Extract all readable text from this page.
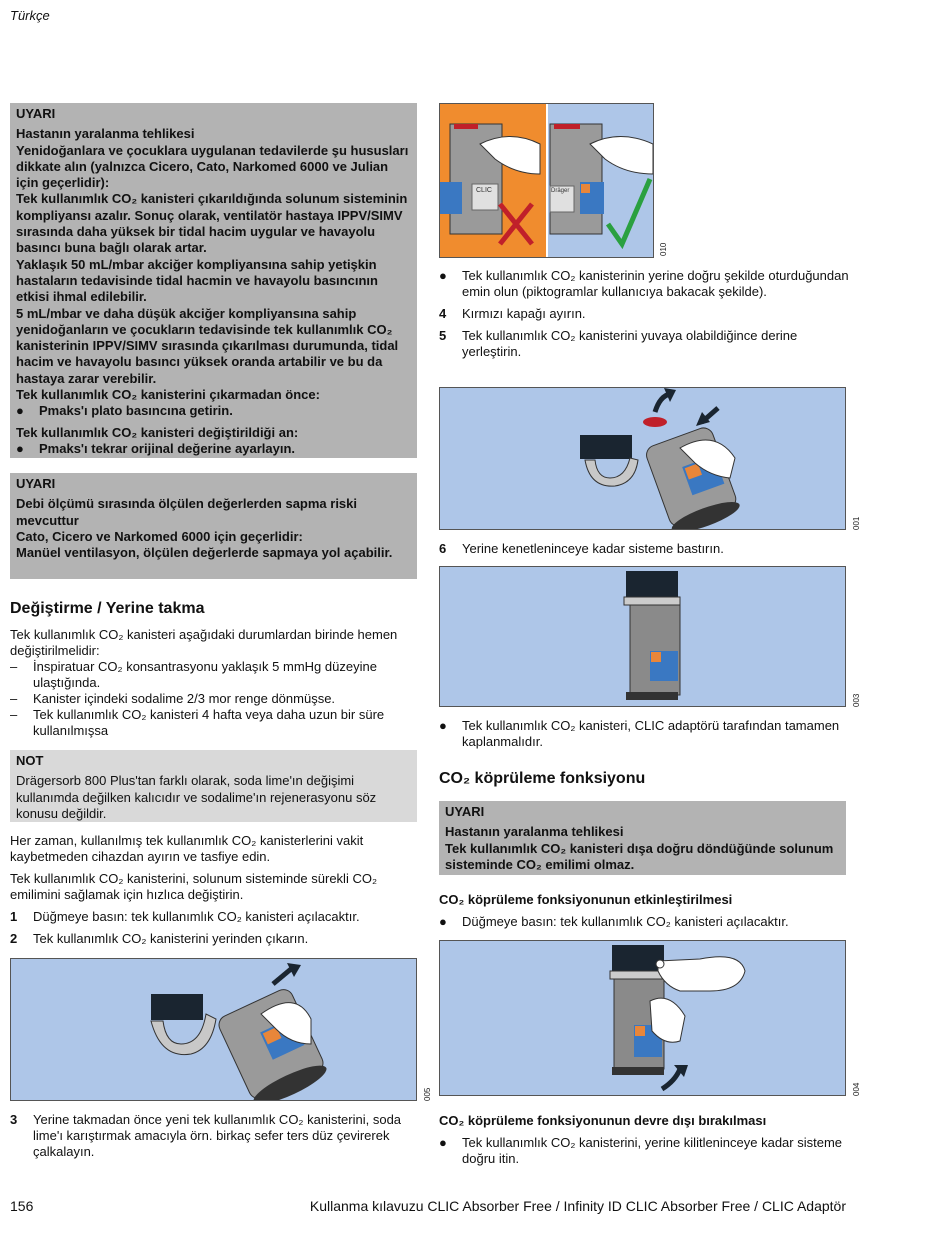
Türkçe
UYARI

Hastanın yaralanma tehlikesi

Yenidoğanlara ve çocuklara uygulanan tedavilerde şu hususları dikkate alın (yalnızca Cicero, Cato, Narkomed 6000 ve Julian için geçerlidir):

Tek kullanımlık CO₂ kanisteri çıkarıldığında solunum sisteminin kompliyansı azalır. Sonuç olarak, ventilatör hastaya IPPV/SIMV sırasında daha yüksek bir tidal hacim uygular ve havayolu basıncı buna bağlı olarak artar.

Yaklaşık 50 mL/mbar akciğer kompliyansına sahip yetişkin hastaların tedavisinde tidal hacmin ve havayolu basıncının etkisi ihmal edilebilir.

5 mL/mbar ve daha düşük akciğer kompliyansına sahip yenidoğanların ve çocukların tedavisinde tek kullanımlık CO₂ kanisterinin IPPV/SIMV sırasında çıkarılması durumunda, tidal hacim ve havayolu basıncı yüksek oranda artabilir ve bu da hastaya zarar verebilir.

Tek kullanımlık CO₂ kanisterini çıkarmadan önce:

● Pmaks'ı plato basıncına getirin.

Tek kullanımlık CO₂ kanisteri değiştirildiği an:

● Pmaks'ı tekrar orijinal değerine ayarlayın.
UYARI

Debi ölçümü sırasında ölçülen değerlerden sapma riski mevcuttur

Cato, Cicero ve Narkomed 6000 için geçerlidir:

Manüel ventilasyon, ölçülen değerlerde sapmaya yol açabilir.

Değiştirme / Yerine takma

Tek kullanımlık CO₂ kanisteri aşağıdaki durumlardan birinde hemen değiştirilmelidir:

– İnspiratuar CO₂ konsantrasyonu yaklaşık 5 mmHg düzeyine ulaştığında.
– Kanister içindeki sodalime 2/3 mor renge dönmüşse.
– Tek kullanımlık CO₂ kanisteri 4 hafta veya daha uzun bir süre kullanılmışsa
NOT

Drägersorb 800 Plus'tan farklı olarak, soda lime'ın değişimi kullanımda değilken kalıcıdır ve sodalime'ın rejenerasyonu söz konusu değildir.

Her zaman, kullanılmış tek kullanımlık CO₂ kanisterlerini vakit kaybetmeden cihazdan ayırın ve tasfiye edin.

Tek kullanımlık CO₂ kanisterini, solunum sisteminde sürekli CO₂ emilimini sağlamak için hızlıca değiştirin.

1 Düğmeye basın: tek kullanımlık CO₂ kanisteri açılacaktır.
2 Tek kullanımlık CO₂ kanisterini yerinden çıkarın.
005
3 Yerine takmadan önce yeni tek kullanımlık CO₂ kanisterini, soda lime'ı karıştırmak amacıyla örn. birkaç sefer ters düz çevirerek çalkalayın.
CLIC	Dräger
010
● Tek kullanımlık CO₂ kanisterinin yerine doğru şekilde oturduğundan emin olun (piktogramlar kullanıcıya bakacak şekilde).
4 Kırmızı kapağı ayırın.
5 Tek kullanımlık CO₂ kanisterini yuvaya olabildiğince derine yerleştirin.
001
6 Yerine kenetleninceye kadar sisteme bastırın.
003
● Tek kullanımlık CO₂ kanisteri, CLIC adaptörü tarafından tamamen kaplanmalıdır.
CO₂ köprüleme fonksiyonu
UYARI

Hastanın yaralanma tehlikesi

Tek kullanımlık CO₂ kanisteri dışa doğru döndüğünde solunum sisteminde CO₂ emilimi olmaz.

CO₂ köprüleme fonksiyonunun etkinleştirilmesi
● Düğmeye basın: tek kullanımlık CO₂ kanisteri açılacaktır.
004
CO₂ köprüleme fonksiyonunun devre dışı bırakılması
● Tek kullanımlık CO₂ kanisterini, yerine kilitleninceye kadar sisteme doğru itin.
156	Kullanma kılavuzu CLIC Absorber Free / Infinity ID CLIC Absorber Free / CLIC Adaptör
